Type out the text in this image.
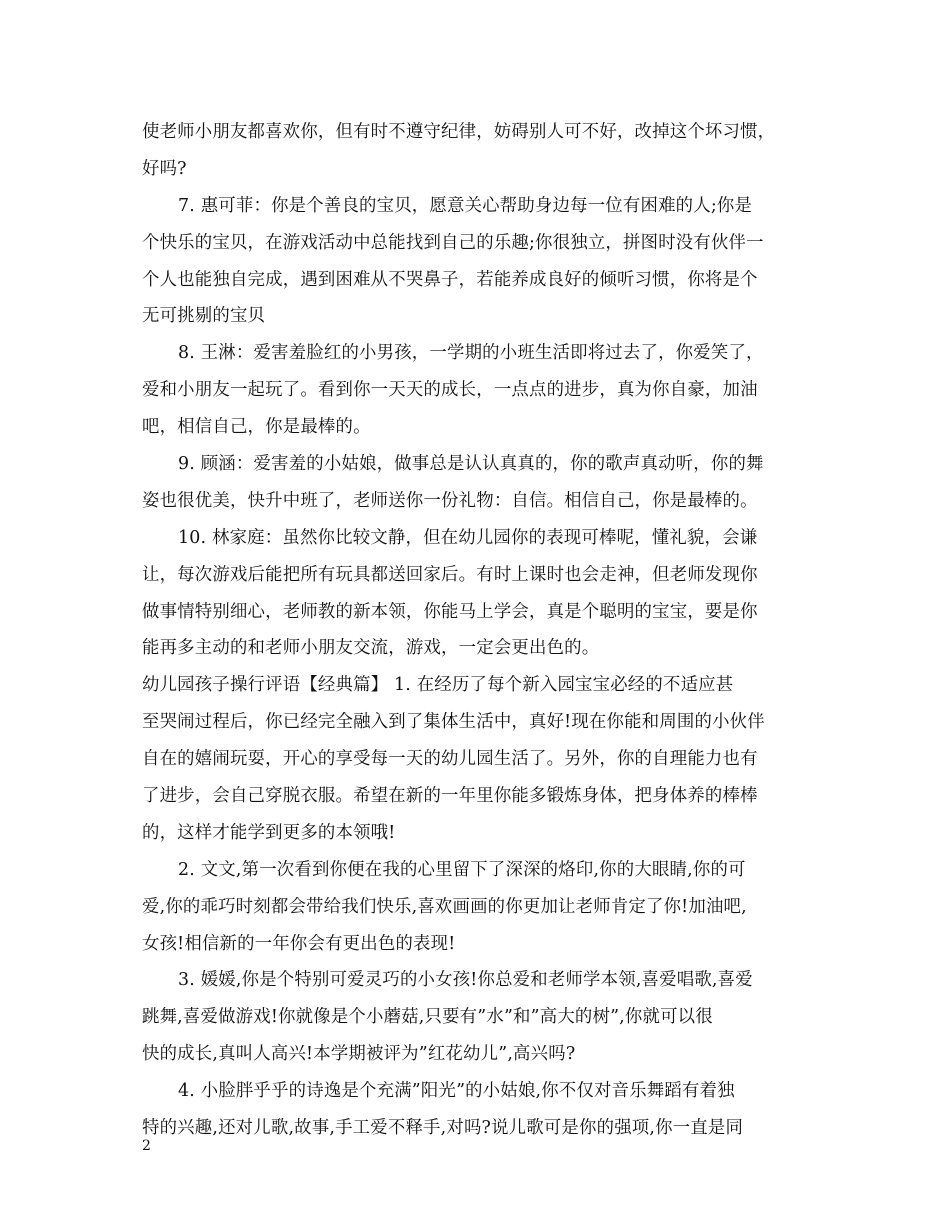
使老师小朋友都喜欢你，但有时不遵守纪律，妨碍别人可不好，改掉这个坏习惯，
好吗?
7. 惠可菲：你是个善良的宝贝，愿意关心帮助身边每一位有困难的人;你是
个快乐的宝贝，在游戏活动中总能找到自己的乐趣;你很独立，拼图时没有伙伴一
个人也能独自完成，遇到困难从不哭鼻子，若能养成良好的倾听习惯，你将是个
无可挑剔的宝贝
8. 王淋：爱害羞脸红的小男孩，一学期的小班生活即将过去了，你爱笑了，
爱和小朋友一起玩了。看到你一天天的成长，一点点的进步，真为你自豪，加油
吧，相信自己，你是最棒的。
9. 顾涵：爱害羞的小姑娘，做事总是认认真真的，你的歌声真动听，你的舞
姿也很优美，快升中班了，老师送你一份礼物：自信。相信自己，你是最棒的。
10. 林家庭：虽然你比较文静，但在幼儿园你的表现可棒呢，懂礼貌，会谦
让，每次游戏后能把所有玩具都送回家后。有时上课时也会走神，但老师发现你
做事情特别细心，老师教的新本领，你能马上学会，真是个聪明的宝宝，要是你
能再多主动的和老师小朋友交流，游戏，一定会更出色的。
幼儿园孩子操行评语【经典篇】 1. 在经历了每个新入园宝宝必经的不适应甚
至哭闹过程后，你已经完全融入到了集体生活中，真好!现在你能和周围的小伙伴
自在的嬉闹玩耍，开心的享受每一天的幼儿园生活了。另外，你的自理能力也有
了进步，会自己穿脱衣服。希望在新的一年里你能多锻炼身体，把身体养的棒棒
的，这样才能学到更多的本领哦!
2. 文文,第一次看到你便在我的心里留下了深深的烙印,你的大眼睛,你的可
爱,你的乖巧时刻都会带给我们快乐,喜欢画画的你更加让老师肯定了你!加油吧,
女孩!相信新的一年你会有更出色的表现!
3. 媛媛,你是个特别可爱灵巧的小女孩!你总爱和老师学本领,喜爱唱歌,喜爱
跳舞,喜爱做游戏!你就像是个小蘑菇,只要有”水”和”高大的树”,你就可以很
快的成长,真叫人高兴!本学期被评为”红花幼儿”,高兴吗?
4. 小脸胖乎乎的诗逸是个充满”阳光”的小姑娘,你不仅对音乐舞蹈有着独
特的兴趣,还对儿歌,故事,手工爱不释手,对吗?说儿歌可是你的强项,你一直是同
2
